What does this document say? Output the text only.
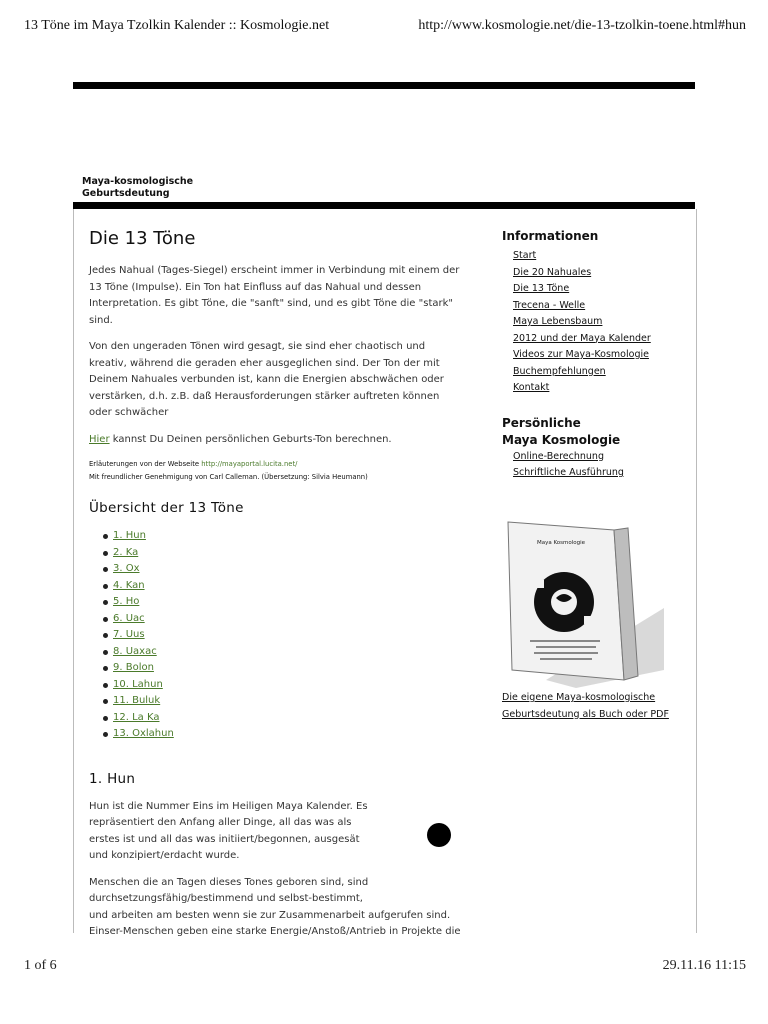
13 Töne im Maya Tzolkin Kalender :: Kosmologie.net	http://www.kosmologie.net/die-13-tzolkin-toene.html#hun
Maya-kosmologische Geburtsdeutung
Die 13 Töne

Jedes Nahual (Tages-Siegel) erscheint immer in Verbindung mit einem der 13 Töne (Impulse). Ein Ton hat Einfluss auf das Nahual und dessen Interpretation. Es gibt Töne, die "sanft" sind, und es gibt Töne die "stark" sind.

Von den ungeraden Tönen wird gesagt, sie sind eher chaotisch und kreativ, während die geraden eher ausgeglichen sind. Der Ton der mit Deinem Nahuales verbunden ist, kann die Energien abschwächen oder verstärken, d.h. z.B. daß Herausforderungen stärker auftreten können oder schwächer

Hier kannst Du Deinen persönlichen Geburts-Ton berechnen.

Erläuterungen von der Webseite http://mayaportal.lucita.net/

Mit freundlicher Genehmigung von Carl Calleman. (Übersetzung: Silvia Heumann)

Übersicht der 13 Töne
1. Hun
2. Ka
3. Ox
4. Kan
5. Ho
6. Uac
7. Uus
8. Uaxac
9. Bolon
10. Lahun
11. Buluk
12. La Ka
13. Oxlahun
1. Hun

Hun ist die Nummer Eins im Heiligen Maya Kalender. Es
repräsentiert den Anfang aller Dinge, all das was als
erstes ist und all das was initiiert/begonnen, ausgesät
und konzipiert/erdacht wurde.

Menschen die an Tagen dieses Tones geboren sind, sind
durchsetzungsfähig/bestimmend und selbst-bestimmt,
und arbeiten am besten wenn sie zur Zusammenarbeit aufgerufen sind.
Einser-Menschen geben eine starke Energie/Anstoß/Antrieb in Projekte die

Informationen
Start
Die 20 Nahuales
Die 13 Töne
Trecena - Welle
Maya Lebensbaum
2012 und der Maya Kalender
Videos zur Maya-Kosmologie
Buchempfehlungen
Kontakt
Persönliche
Maya Kosmologie
Online-Berechnung
Schriftliche Ausführung
Maya Kosmologie
Die eigene Maya-kosmologische
Geburtsdeutung als Buch oder PDF
1 of 6	29.11.16 11:15
